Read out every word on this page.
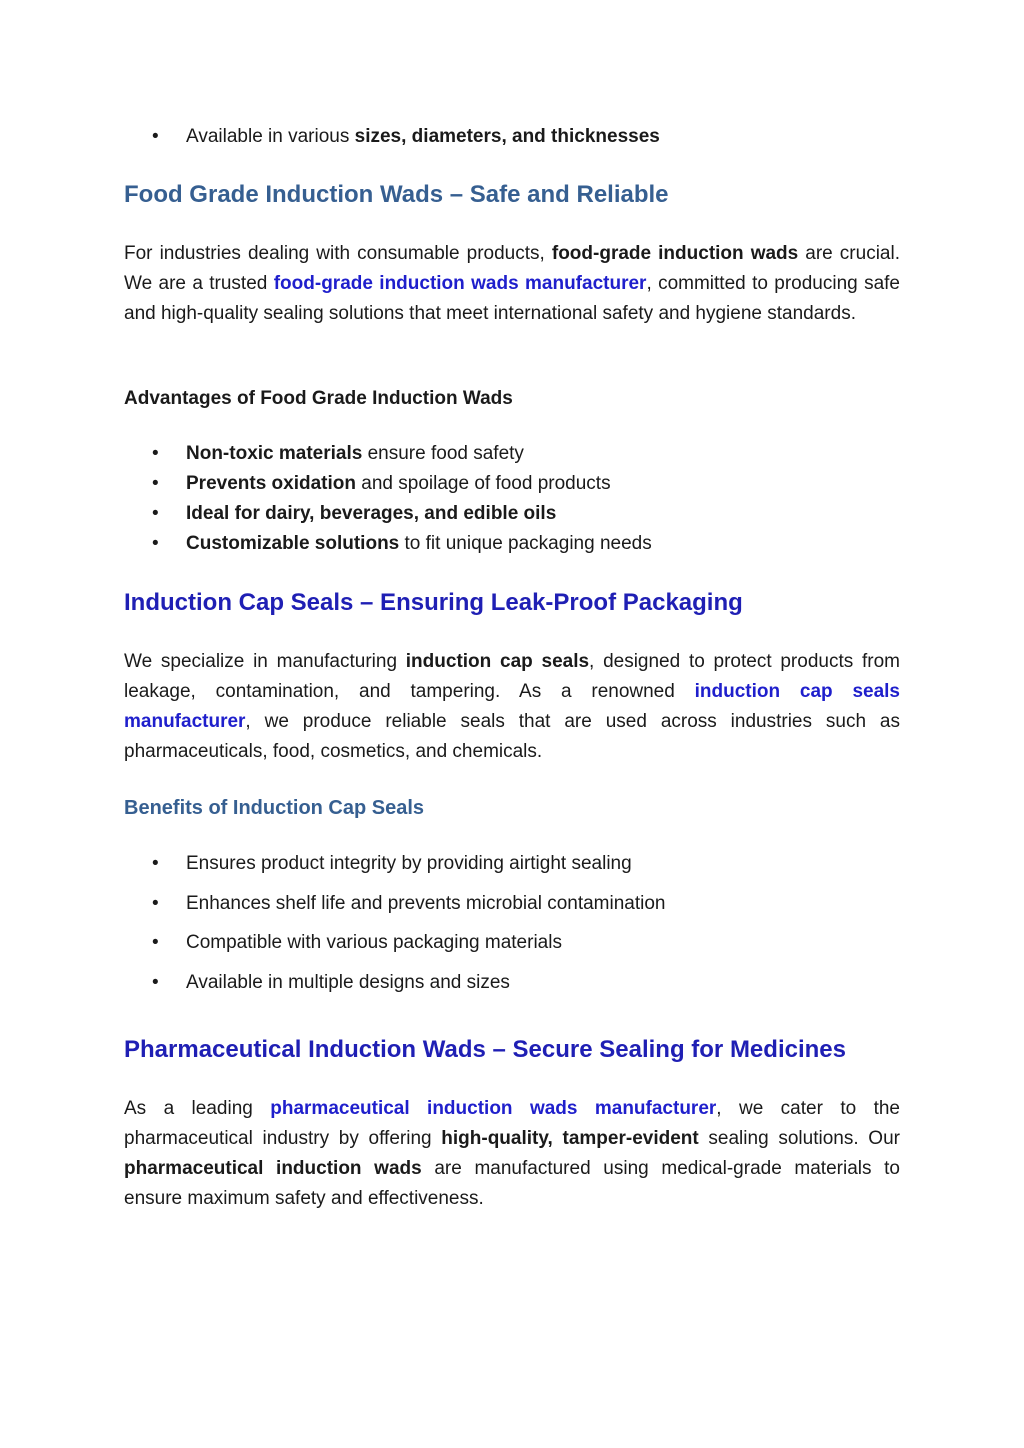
• Available in various sizes, diameters, and thicknesses
Food Grade Induction Wads – Safe and Reliable

For industries dealing with consumable products, food-grade induction wads are crucial. We are a trusted food-grade induction wads manufacturer, committed to producing safe and high-quality sealing solutions that meet international safety and hygiene standards.

Advantages of Food Grade Induction Wads
• Non-toxic materials ensure food safety
• Prevents oxidation and spoilage of food products
• Ideal for dairy, beverages, and edible oils
• Customizable solutions to fit unique packaging needs
Induction Cap Seals – Ensuring Leak-Proof Packaging

We specialize in manufacturing induction cap seals, designed to protect products from leakage, contamination, and tampering. As a renowned induction cap seals manufacturer, we produce reliable seals that are used across industries such as pharmaceuticals, food, cosmetics, and chemicals.

Benefits of Induction Cap Seals
• Ensures product integrity by providing airtight sealing
• Enhances shelf life and prevents microbial contamination
• Compatible with various packaging materials
• Available in multiple designs and sizes
Pharmaceutical Induction Wads – Secure Sealing for Medicines

As a leading pharmaceutical induction wads manufacturer, we cater to the pharmaceutical industry by offering high-quality, tamper-evident sealing solutions. Our pharmaceutical induction wads are manufactured using medical-grade materials to ensure maximum safety and effectiveness.
